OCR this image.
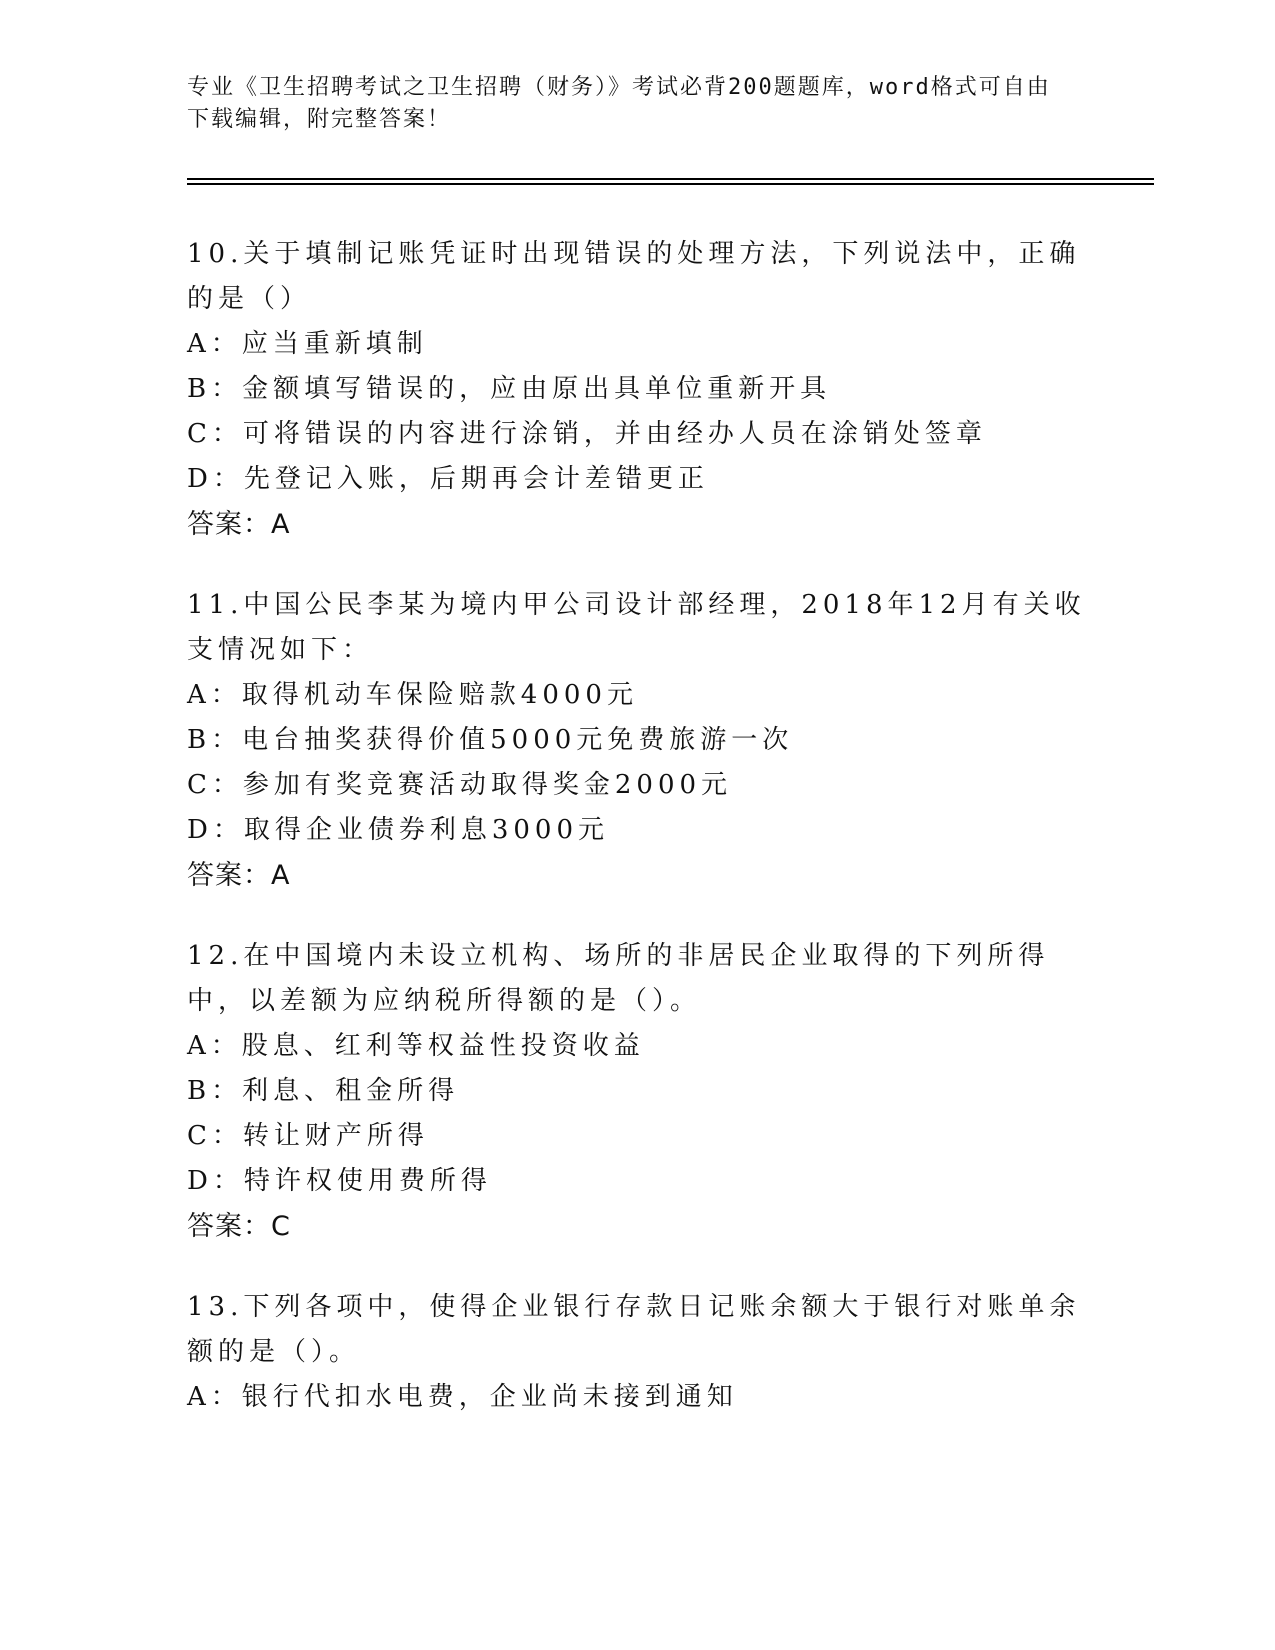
专业《卫生招聘考试之卫生招聘（财务）》考试必背200题题库，word格式可自由下载编辑，附完整答案！

10.关于填制记账凭证时出现错误的处理方法，下列说法中，正确的是（）

A：应当重新填制

B：金额填写错误的，应由原出具单位重新开具

C：可将错误的内容进行涂销，并由经办人员在涂销处签章

D：先登记入账，后期再会计差错更正

答案：A

11.中国公民李某为境内甲公司设计部经理，2018年12月有关收支情况如下：

A：取得机动车保险赔款4000元

B：电台抽奖获得价值5000元免费旅游一次

C：参加有奖竞赛活动取得奖金2000元

D：取得企业债券利息3000元

答案：A

12.在中国境内未设立机构、场所的非居民企业取得的下列所得中，以差额为应纳税所得额的是（）。

A：股息、红利等权益性投资收益

B：利息、租金所得

C：转让财产所得

D：特许权使用费所得

答案：C

13.下列各项中，使得企业银行存款日记账余额大于银行对账单余额的是（）。

A：银行代扣水电费，企业尚未接到通知
